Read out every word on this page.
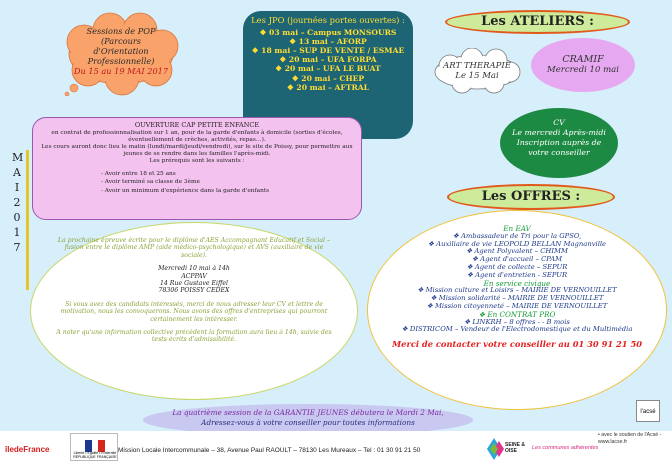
Sessions de POP
(Parcours
d'Orientation
Professionnelle)
Du 15 au 19 MAI 2017
Les JPO (journées portes ouvertes) :
❖ 03 mai – Campus MONSOURS
❖ 13 mai – AFORP
❖ 18 mai – SUP DE VENTE / ESMAE
❖ 20 mai – UFA FORPA
❖ 20 mai – UFA LE BUAT
❖ 20 mai – CHEP
❖ 20 mai – AFTRAL
Les ATELIERS :
ART THERAPIE
Le 15 Mai
CRAMIF
Mercredi 10 mai
CV
Le mercredi Après-midi
Inscription auprès de
votre conseiller
M
A
I
2
0
1
7
OUVERTURE CAP PETITE ENFANCE
en contrat de professionnalisation sur 1 an, pour de la garde d'enfants à domicile (sorties d'écoles, éventuellement de crèches, activités, repas…).
Les cours auront donc lieu le matin (lundi/mardi/jeudi/vendredi), sur le site de Poissy, pour permettre aux jeunes de se rendre dans les familles l'après-midi.
Les prérequis sont les suivants :
- Avoir entre 18 et 25 ans
- Avoir terminé sa classe de 3ème
- Avoir un minimum d'expérience dans la garde d'enfants	Les OFFRES :
En EAV
❖ Ambassadeur de Tri pour la GPSO,
❖ Auxiliaire de vie LEOPOLD BELLAN Magnanville
❖ Agent Polyvalent – CHIMM
❖ Agent d'accueil – CPAM
❖ Agent de collecte – SEPUR
❖ Agent d'entretien - SEPUR
En service civique
❖ Mission culture et Loisirs – MAIRIE DE VERNOUILLET
❖ Mission solidarité – MAIRIE DE VERNOUILLET
❖ Mission citoyenneté – MAIRIE DE VERNOUILLET
❖ En CONTRAT PRO
❖ LINKRH – 8 offres - - B mois
❖ DISTRICOM – Vendeur de l'Electrodomestique et du Multimédia
Merci de contacter votre conseiller au 01 30 91 21 50
La prochaine épreuve écrite pour le diplôme d'AES Accompagnant Educatif et Social – fusion entre le diplôme AMP (aide médico-psychologique) et AVS (auxiliaire de vie sociale).
Mercredi 10 mai à 14h
ACPPAV
14 Rue Gustave Eiffel
78306 POISSY CEDEX
Si vous avez des candidats intéressés, merci de nous adresser leur CV et lettre de motivation, nous les convoquerons. Nous avons des offres d'entreprises qui pourront certainement les intéresser.
A noter qu'une information collective précèdent la formation aura lieu à 14h, suivie des tests écrits d'admissibilité.
La quatrième session de la GARANTIE JEUNES débutera le Mardi 2 Mai,
Adressez-vous à votre conseiller pour toutes informations
l'acsé
îledeFrance	Liberté • Égalité • Fraternité
RÉPUBLIQUE FRANÇAISE
Mission Locale Intercommunale – 38, Avenue Paul RAOULT – 78130 Les Mureaux – Tel : 01 30 91 21 50
SEINE & OISE	Les communes adhérentes
• avec le soutien de l'Acsé - www.lacse.fr
